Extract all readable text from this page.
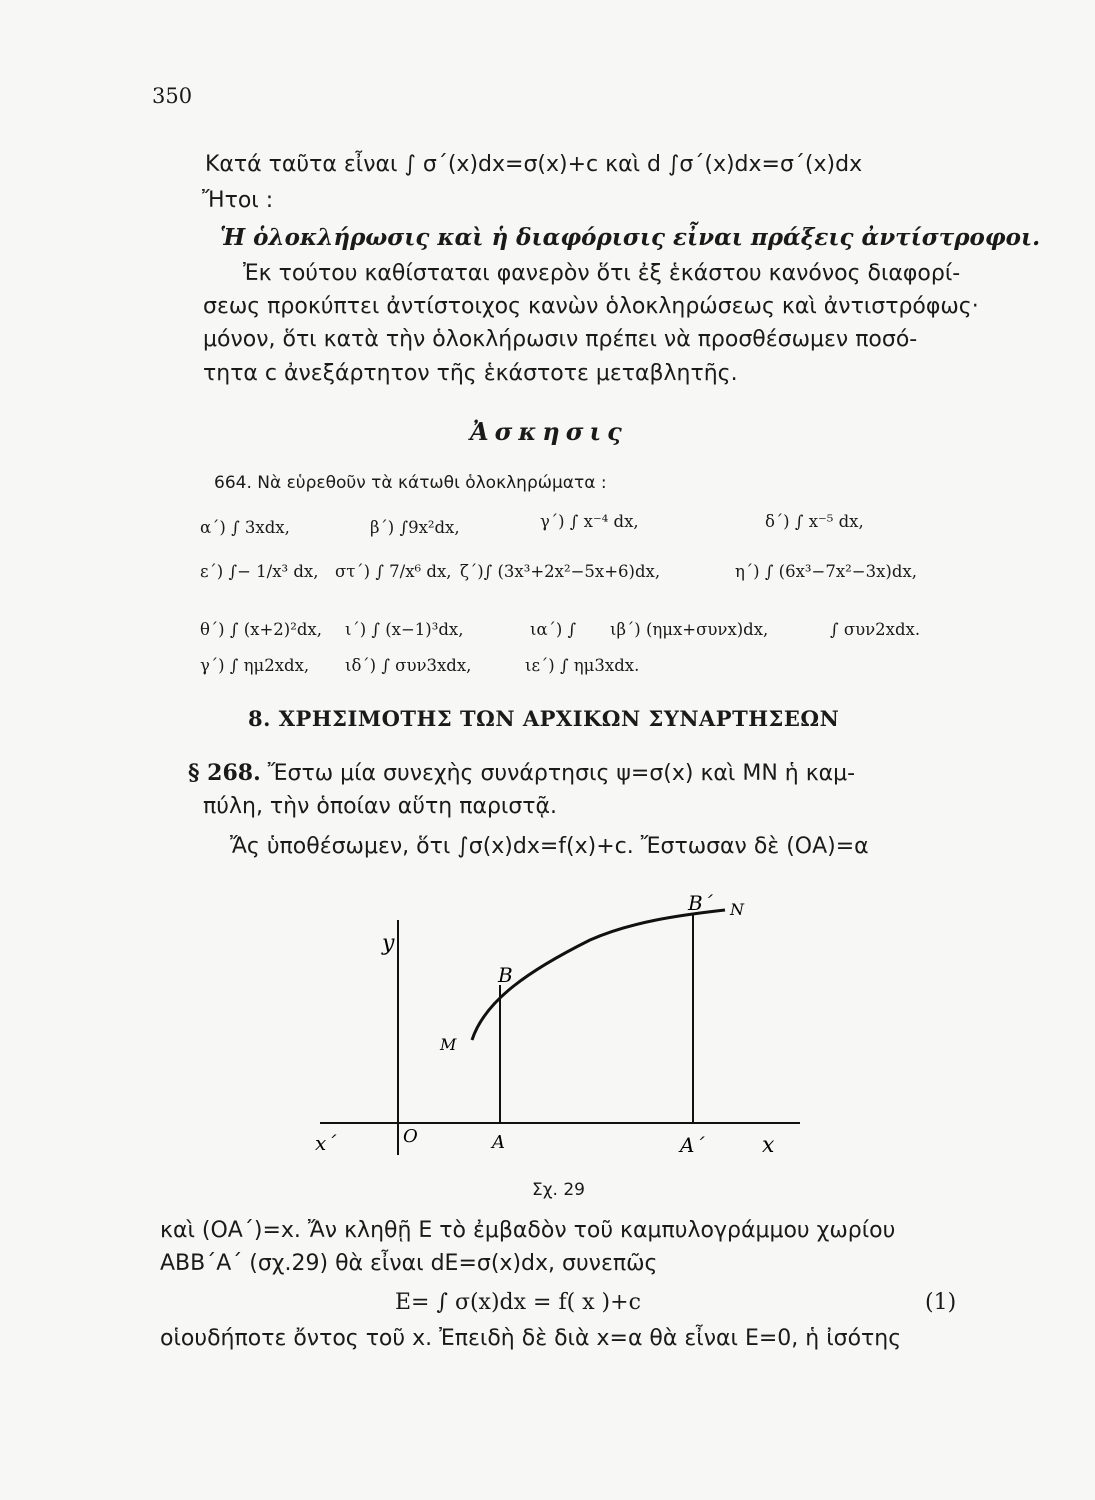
350
Κατά ταῦτα εἶναι ∫ σ΄(x)dx=σ(x)+c καὶ d ∫σ΄(x)dx=σ΄(x)dx
Ἤτοι :
Ἡ ὁλοκλήρωσις καὶ ἡ διαφόρισις εἶναι πράξεις ἀντίστροφοι.
Ἐκ τούτου καθίσταται φανερὸν ὅτι ἐξ ἑκάστου κανόνος διαφορί-
σεως προκύπτει ἀντίστοιχος κανὼν ὁλοκληρώσεως καὶ ἀντιστρόφως·
μόνον, ὅτι κατὰ τὴν ὁλοκλήρωσιν πρέπει νὰ προσθέσωμεν ποσό-
τητα c ἀνεξάρτητον τῆς ἑκάστοτε μεταβλητῆς.
Ἀσκησις
664. Νὰ εὑρεθοῦν τὰ κάτωθι ὁλοκληρώματα :
α΄) ∫ 3xdx,	β΄) ∫9x²dx,	γ΄) ∫ x⁻⁴ dx,	δ΄) ∫ x⁻⁵ dx,
ε΄) ∫− 1/x³ dx, στ΄) ∫ 7/x⁶ dx, ζ΄)∫ (3x³+2x²−5x+6)dx,	η΄) ∫ (6x³−7x²−3x)dx,
θ΄) ∫ (x+2)²dx, ι΄) ∫ (x−1)³dx,	ια΄) ∫ ιβ΄) (ημx+συνx)dx,	∫ συν2xdx.
γ΄) ∫ ημ2xdx, ιδ΄) ∫ συν3xdx,	ιε΄) ∫ ημ3xdx.
8. ΧΡΗΣΙΜΟΤΗΣ ΤΩΝ ΑΡΧΙΚΩΝ ΣΥΝΑΡΤΗΣΕΩΝ
§ 268. Ἔστω μία συνεχὴς συνάρτησις ψ=σ(x) καὶ ΜΝ ἡ καμ-
πύλη, τὴν ὁποίαν αὕτη παριστᾷ.
Ἄς ὑποθέσωμεν, ὅτι ∫σ(x)dx=f(x)+c. Ἔστωσαν δὲ (ΟΑ)=α
y
x΄	O	A	A΄	x
B
B΄
M
N
Σχ. 29
καὶ (ΟΑ΄)=x. Ἄν κληθῇ Ε τὸ ἐμβαδὸν τοῦ καμπυλογράμμου χωρίου
ΑΒΒ΄Α΄ (σχ.29) θὰ εἶναι dE=σ(x)dx, συνεπῶς
E= ∫ σ(x)dx = f( x )+c	(1)
οἱουδήποτε ὄντος τοῦ x. Ἐπειδὴ δὲ διὰ x=α θὰ εἶναι E=0, ἡ ἰσότης
